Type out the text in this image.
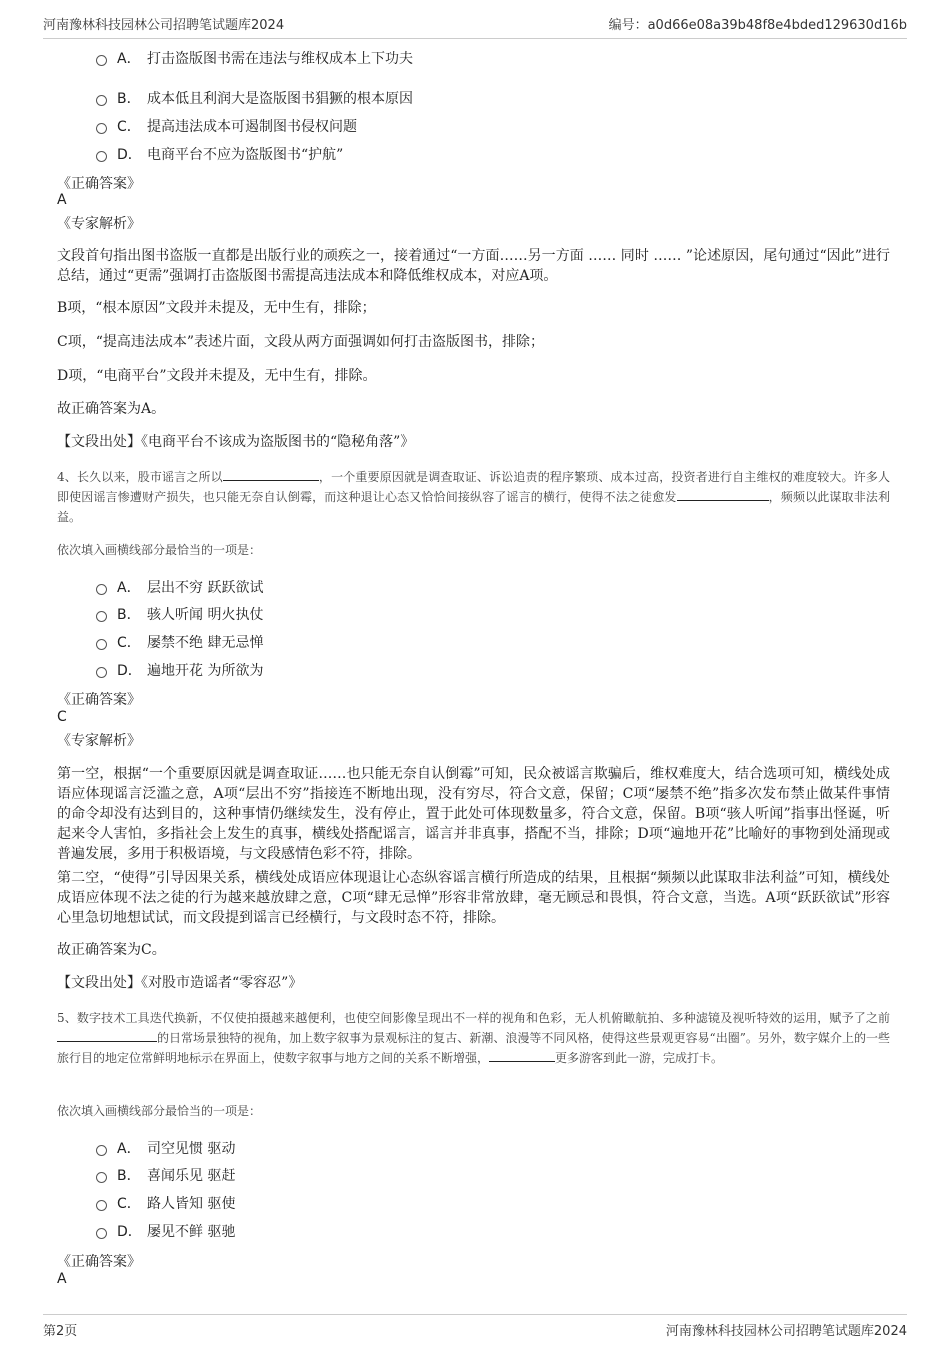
河南豫林科技园林公司招聘笔试题库2024	编号：a0d66e08a39b48f8e4bded129630d16b
A． 打击盗版图书需在违法与维权成本上下功夫
B． 成本低且利润大是盗版图书猖獗的根本原因
C． 提高违法成本可遏制图书侵权问题
D． 电商平台不应为盗版图书“护航”
《正确答案》
A
《专家解析》
文段首句指出图书盗版一直都是出版行业的顽疾之一，接着通过“一方面……另一方面 …… 同时 …… ”论述原因，尾句通过“因此”进行总结，通过“更需”强调打击盗版图书需提高违法成本和降低维权成本，对应A项。
B项，“根本原因”文段并未提及，无中生有，排除；
C项，“提高违法成本”表述片面，文段从两方面强调如何打击盗版图书，排除；
D项，“电商平台”文段并未提及，无中生有，排除。
故正确答案为A。
【文段出处】《电商平台不该成为盗版图书的“隐秘角落”》
4、长久以来，股市谣言之所以	，一个重要原因就是调查取证、诉讼追责的程序繁琐、成本过高，投资者进行自主维权的难度较大。许多人即使因谣言惨遭财产损失，也只能无奈自认倒霉，而这种退让心态又恰恰间接纵容了谣言的横行，使得不法之徒愈发	，频频以此谋取非法利益。
依次填入画横线部分最恰当的一项是：
A． 层出不穷 跃跃欲试
B． 骇人听闻 明火执仗
C． 屡禁不绝 肆无忌惮
D． 遍地开花 为所欲为
《正确答案》
C
《专家解析》
第一空，根据“一个重要原因就是调查取证……也只能无奈自认倒霉”可知，民众被谣言欺骗后，维权难度大，结合选项可知，横线处成语应体现谣言泛滥之意，A项“层出不穷”指接连不断地出现，没有穷尽，符合文意，保留；C项“屡禁不绝”指多次发布禁止做某件事情的命令却没有达到目的，这种事情仍继续发生，没有停止，置于此处可体现数量多，符合文意，保留。B项“骇人听闻”指事出怪诞，听起来令人害怕，多指社会上发生的真事，横线处搭配谣言，谣言并非真事，搭配不当，排除；D项“遍地开花”比喻好的事物到处涌现或普遍发展，多用于积极语境，与文段感情色彩不符，排除。
第二空，“使得”引导因果关系，横线处成语应体现退让心态纵容谣言横行所造成的结果，且根据“频频以此谋取非法利益”可知，横线处成语应体现不法之徒的行为越来越放肆之意，C项“肆无忌惮”形容非常放肆，毫无顾忌和畏惧，符合文意，当选。A项“跃跃欲试”形容心里急切地想试试，而文段提到谣言已经横行，与文段时态不符，排除。
故正确答案为C。
【文段出处】《对股市造谣者“零容忍”》
5、数字技术工具迭代换新，不仅使拍摄越来越便利，也使空间影像呈现出不一样的视角和色彩，无人机俯瞰航拍、多种滤镜及视听特效的运用，赋予了之前的日常场景独特的视角，加上数字叙事为景观标注的复古、新潮、浪漫等不同风格，使得这些景观更容易“出圈”。另外，数字媒介上的一些旅行目的地定位常鲜明地标示在界面上，使数字叙事与地方之间的关系不断增强，	更多游客到此一游，完成打卡。
依次填入画横线部分最恰当的一项是：
A． 司空见惯 驱动
B． 喜闻乐见 驱赶
C． 路人皆知 驱使
D． 屡见不鲜 驱驰
《正确答案》
A
第2页	河南豫林科技园林公司招聘笔试题库2024
